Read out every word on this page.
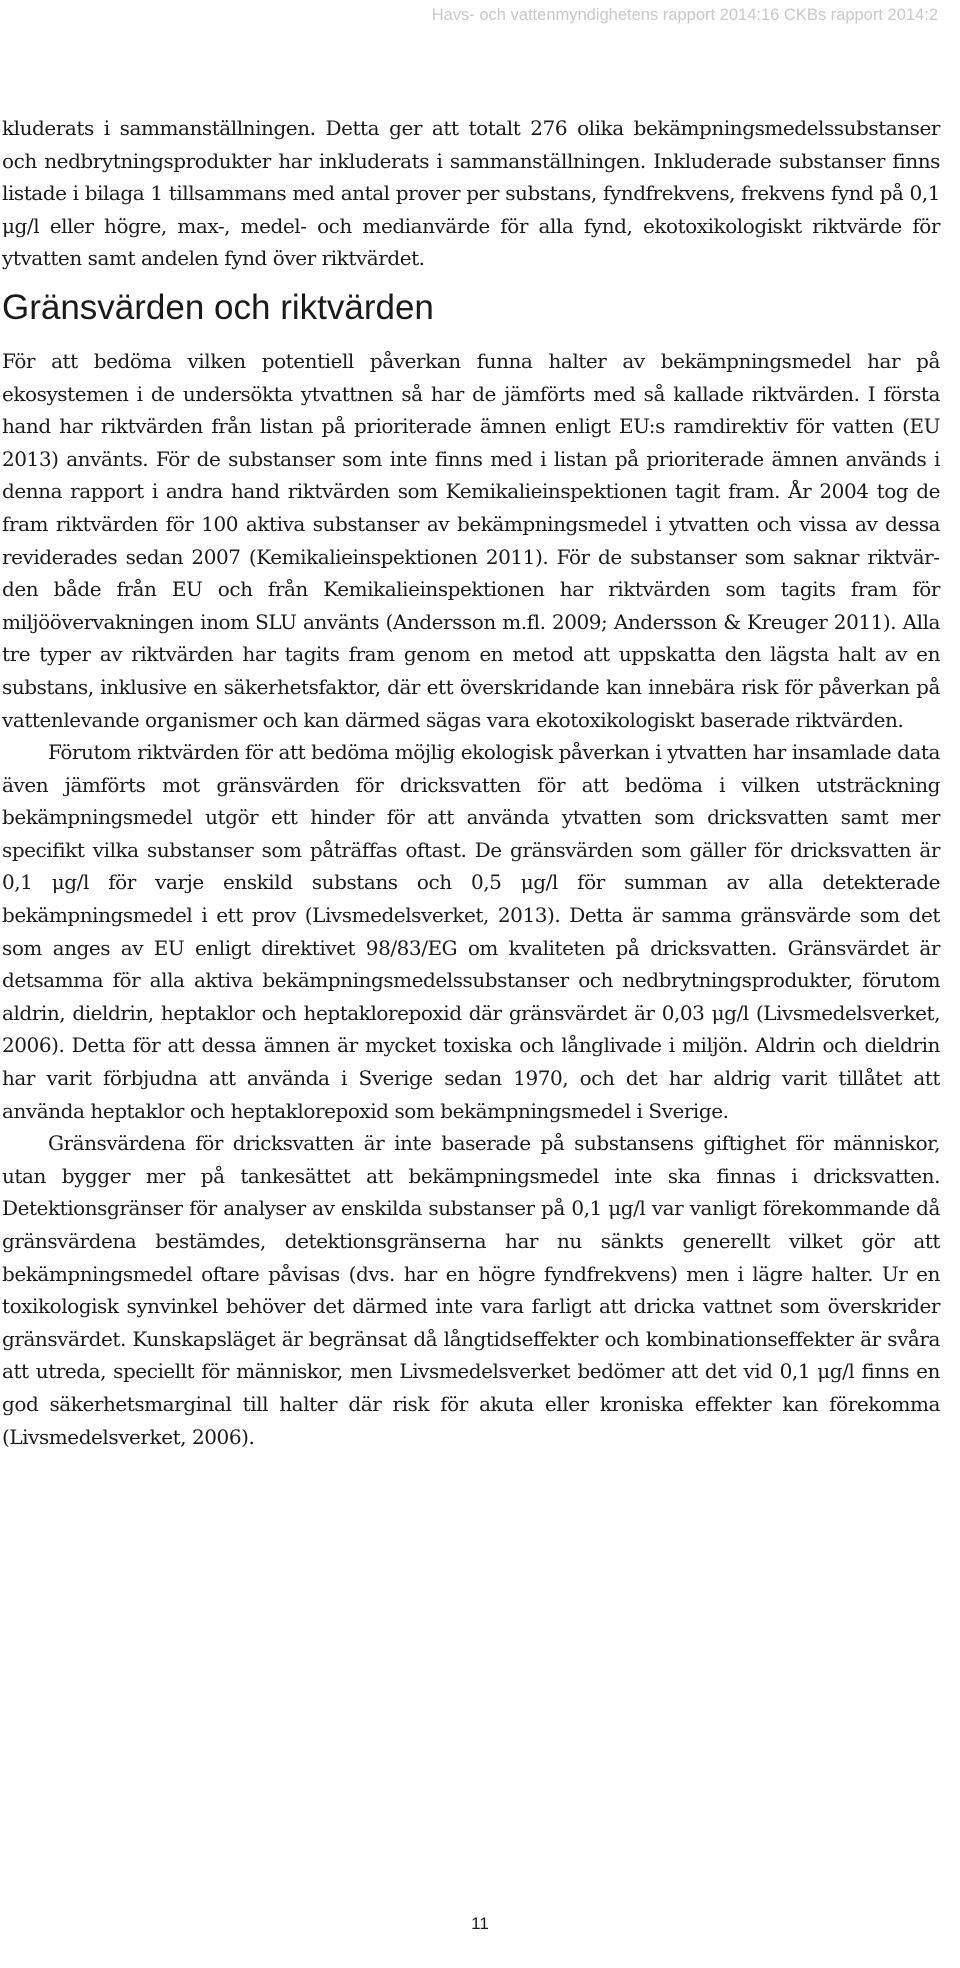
Havs- och vattenmyndighetens rapport 2014:16 CKBs rapport 2014:2

kluderats i sammanställningen. Detta ger att totalt 276 olika bekämpningsmedelssubstanser och nedbrytningsprodukter har inkluderats i sammanställningen. Inkluderade substanser finns listade i bilaga 1 tillsammans med antal prover per substans, fyndfrekvens, frekvens fynd på 0,1 μg/l eller högre, max-, medel- och medianvärde för alla fynd, ekotoxikologiskt riktvärde för ytvatten samt andelen fynd över riktvärdet.

Gränsvärden och riktvärden

För att bedöma vilken potentiell påverkan funna halter av bekämpningsmedel har på ekosystemen i de undersökta ytvattnen så har de jämförts med så kallade riktvärden. I första hand har riktvärden från listan på prioriterade ämnen enligt EU:s ramdirektiv för vatten (EU 2013) använts. För de substanser som inte finns med i listan på prioriterade ämnen används i denna rapport i andra hand riktvärden som Kemikalieinspektionen tagit fram. År 2004 tog de fram riktvärden för 100 aktiva substanser av bekämpningsmedel i ytvatten och vissa av dessa reviderades sedan 2007 (Kemikalieinspektionen 2011). För de substanser som saknar riktvärden både från EU och från Kemikalieinspektionen har riktvärden som tagits fram för miljöövervakningen inom SLU använts (Andersson m.fl. 2009; Andersson & Kreuger 2011). Alla tre typer av riktvärden har tagits fram genom en metod att uppskatta den lägsta halt av en substans, inklusive en säkerhetsfaktor, där ett överskridande kan innebära risk för påverkan på vattenlevande organismer och kan därmed sägas vara ekotoxikologiskt baserade riktvärden.

Förutom riktvärden för att bedöma möjlig ekologisk påverkan i ytvatten har insamlade data även jämförts mot gränsvärden för dricksvatten för att bedöma i vilken utsträckning bekämpningsmedel utgör ett hinder för att använda ytvatten som dricksvatten samt mer specifikt vilka substanser som påträffas oftast. De gränsvärden som gäller för dricksvatten är 0,1 μg/l för varje enskild substans och 0,5 μg/l för summan av alla detekterade bekämpningsmedel i ett prov (Livsmedelsverket, 2013). Detta är samma gränsvärde som det som anges av EU enligt direktivet 98/83/EG om kvaliteten på dricksvatten. Gränsvärdet är detsamma för alla aktiva bekämpningsmedelssubstanser och nedbrytningsprodukter, förutom aldrin, dieldrin, heptaklor och heptaklorepoxid där gränsvärdet är 0,03 μg/l (Livsmedelsverket, 2006). Detta för att dessa ämnen är mycket toxiska och långlivade i miljön. Aldrin och dieldrin har varit förbjudna att använda i Sverige sedan 1970, och det har aldrig varit tillåtet att använda heptaklor och heptaklorepoxid som bekämpningsmedel i Sverige.

Gränsvärdena för dricksvatten är inte baserade på substansens giftighet för människor, utan bygger mer på tankesättet att bekämpningsmedel inte ska finnas i dricksvatten. Detektionsgränser för analyser av enskilda substanser på 0,1 μg/l var vanligt förekommande då gränsvärdena bestämdes, detektionsgränserna har nu sänkts generellt vilket gör att bekämpningsmedel oftare påvisas (dvs. har en högre fyndfrekvens) men i lägre halter. Ur en toxikologisk synvinkel behöver det därmed inte vara farligt att dricka vattnet som överskrider gränsvärdet. Kunskapsläget är begränsat då långtidseffekter och kombinationseffekter är svåra att utreda, speciellt för människor, men Livsmedelsverket bedömer att det vid 0,1 μg/l finns en god säkerhetsmarginal till halter där risk för akuta eller kroniska effekter kan förekomma (Livsmedelsverket, 2006).

11
